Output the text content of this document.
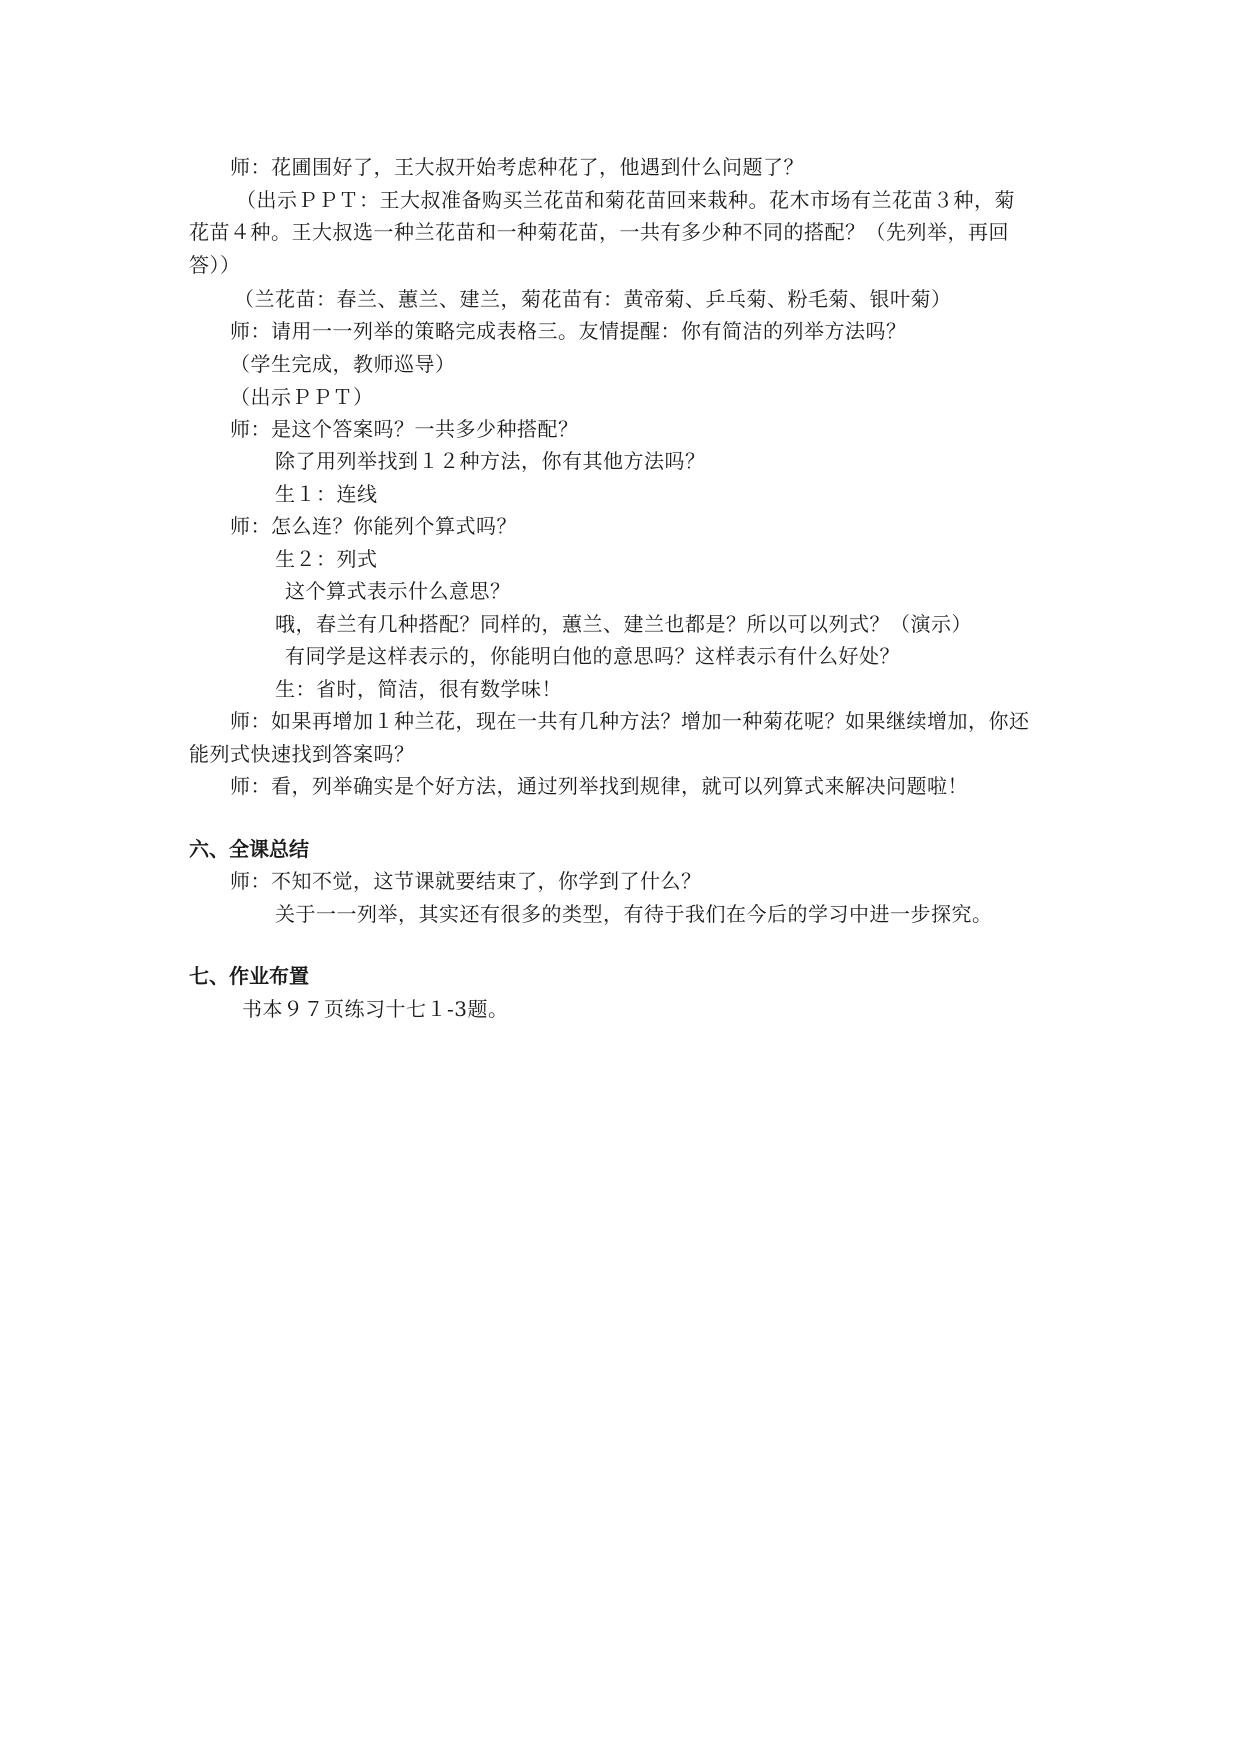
师：花圃围好了，王大叔开始考虑种花了，他遇到什么问题了？
（出示ＰＰＴ：王大叔准备购买兰花苗和菊花苗回来栽种。花木市场有兰花苗３种，菊
花苗４种。王大叔选一种兰花苗和一种菊花苗，一共有多少种不同的搭配？（先列举，再回
答））
（兰花苗：春兰、蕙兰、建兰，菊花苗有：黄帝菊、乒乓菊、粉毛菊、银叶菊）
师：请用一一列举的策略完成表格三。友情提醒：你有简洁的列举方法吗？
（学生完成，教师巡导）
（出示ＰＰＴ）
师：是这个答案吗？一共多少种搭配？
除了用列举找到１２种方法，你有其他方法吗？
生１：连线
师：怎么连？你能列个算式吗？
生２：列式
这个算式表示什么意思？
哦，春兰有几种搭配？同样的，蕙兰、建兰也都是？所以可以列式？（演示）
有同学是这样表示的，你能明白他的意思吗？这样表示有什么好处？
生：省时，简洁，很有数学味！
师：如果再增加１种兰花，现在一共有几种方法？增加一种菊花呢？如果继续增加，你还
能列式快速找到答案吗？
师：看，列举确实是个好方法，通过列举找到规律，就可以列算式来解决问题啦！
六、全课总结
师：不知不觉，这节课就要结束了，你学到了什么？
关于一一列举，其实还有很多的类型，有待于我们在今后的学习中进一步探究。
七、作业布置
书本９７页练习十七１-3题。
